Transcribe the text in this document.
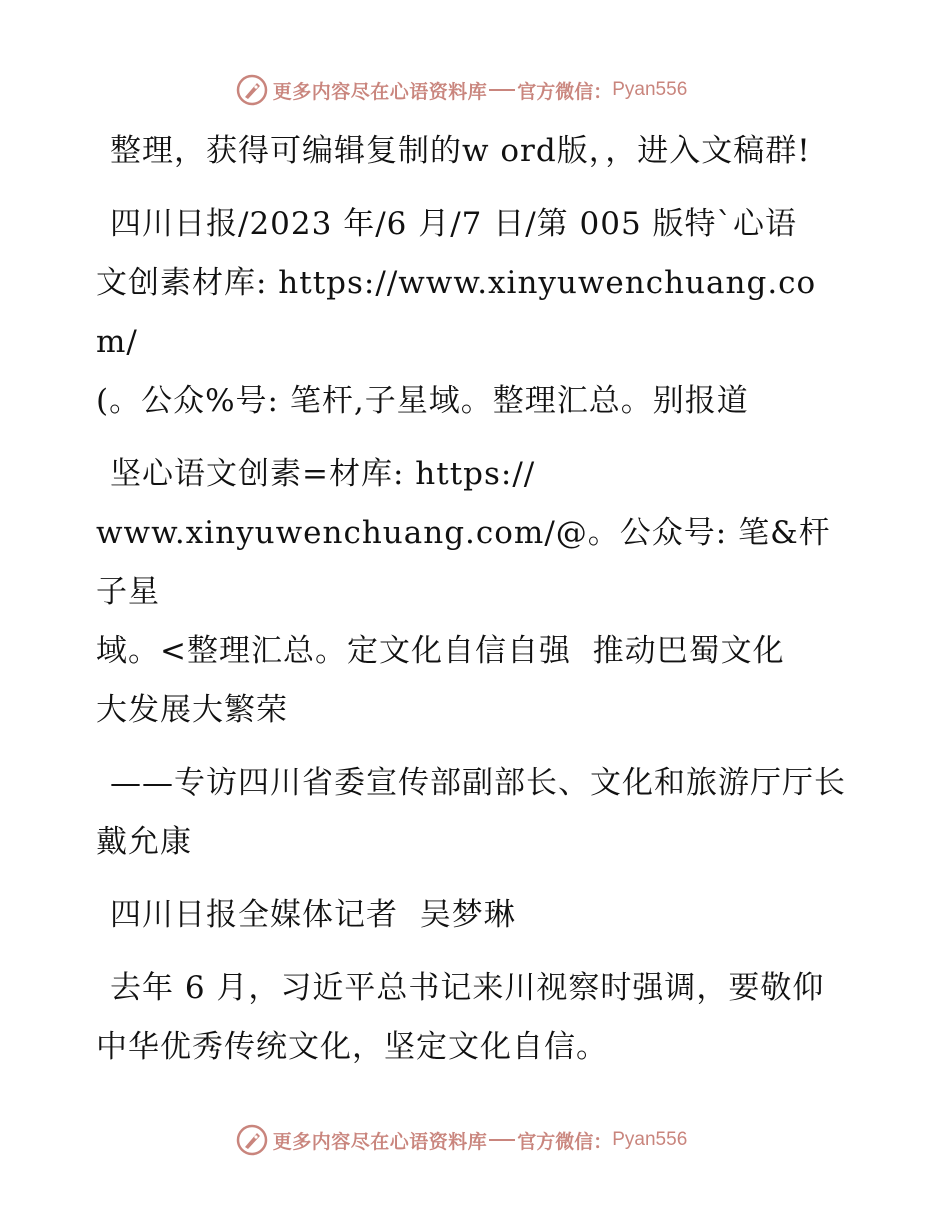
更多内容尽在心语资料库 官方微信： Pyan556

整理，获得可编辑复制的w ord版，，进入文稿群!

四川日报/2023 年/6 月/7 日/第 005 版特`心语
文创素材库: https://www.xinyuwenchuang.com/
(。公众%号: 笔杆,子星域。整理汇总。别报道

坚心语文创素=材库: https://
www.xinyuwenchuang.com/@。公众号: 笔&杆子星
域。<整理汇总。定文化自信自强  推动巴蜀文化
大发展大繁荣

——专访四川省委宣传部副部长、文化和旅游厅厅长戴允康

四川日报全媒体记者  吴梦琳

去年 6 月，习近平总书记来川视察时强调，要敬仰中华优秀传统文化，坚定文化自信。

更多内容尽在心语资料库 官方微信： Pyan556
